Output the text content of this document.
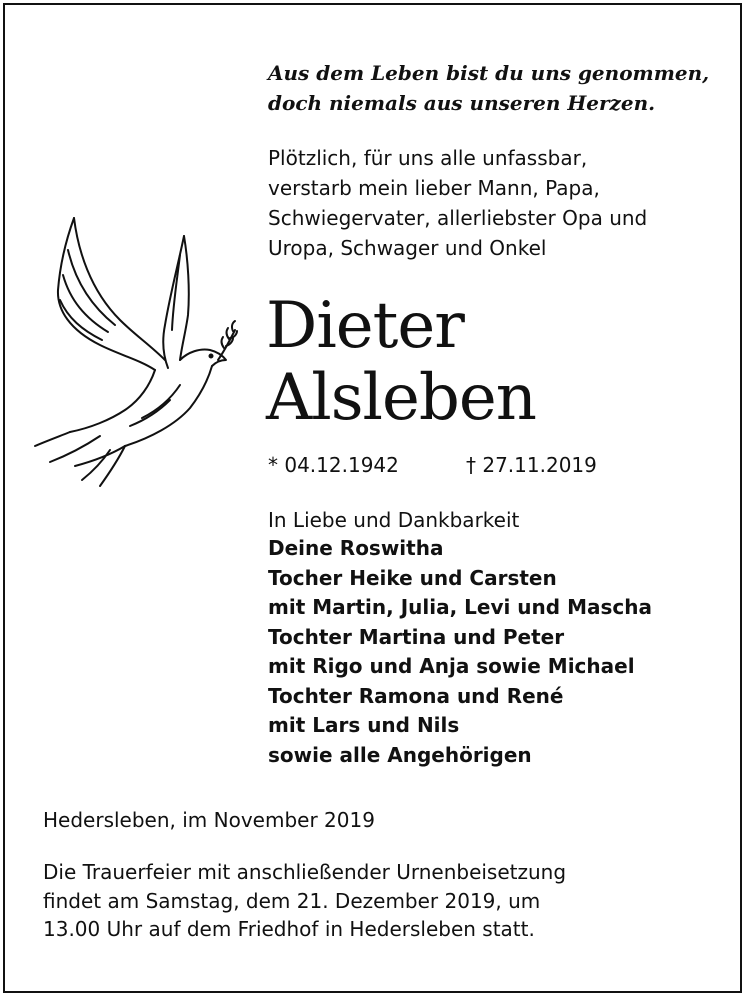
Aus dem Leben bist du uns genommen,
doch niemals aus unseren Herzen.

Plötzlich, für uns alle unfassbar,
verstarb mein lieber Mann, Papa,
Schwiegervater, allerliebster Opa und
Uropa, Schwager und Onkel

Dieter
Alsleben
* 04.12.1942	† 27.11.2019
In Liebe und Dankbarkeit
Deine Roswitha
Tocher Heike und Carsten
mit Martin, Julia, Levi und Mascha
Tochter Martina und Peter
mit Rigo und Anja sowie Michael
Tochter Ramona und René
mit Lars und Nils
sowie alle Angehörigen
Hedersleben, im November 2019

Die Trauerfeier mit anschließender Urnenbeisetzung
findet am Samstag, dem 21. Dezember 2019, um
13.00 Uhr auf dem Friedhof in Hedersleben statt.
